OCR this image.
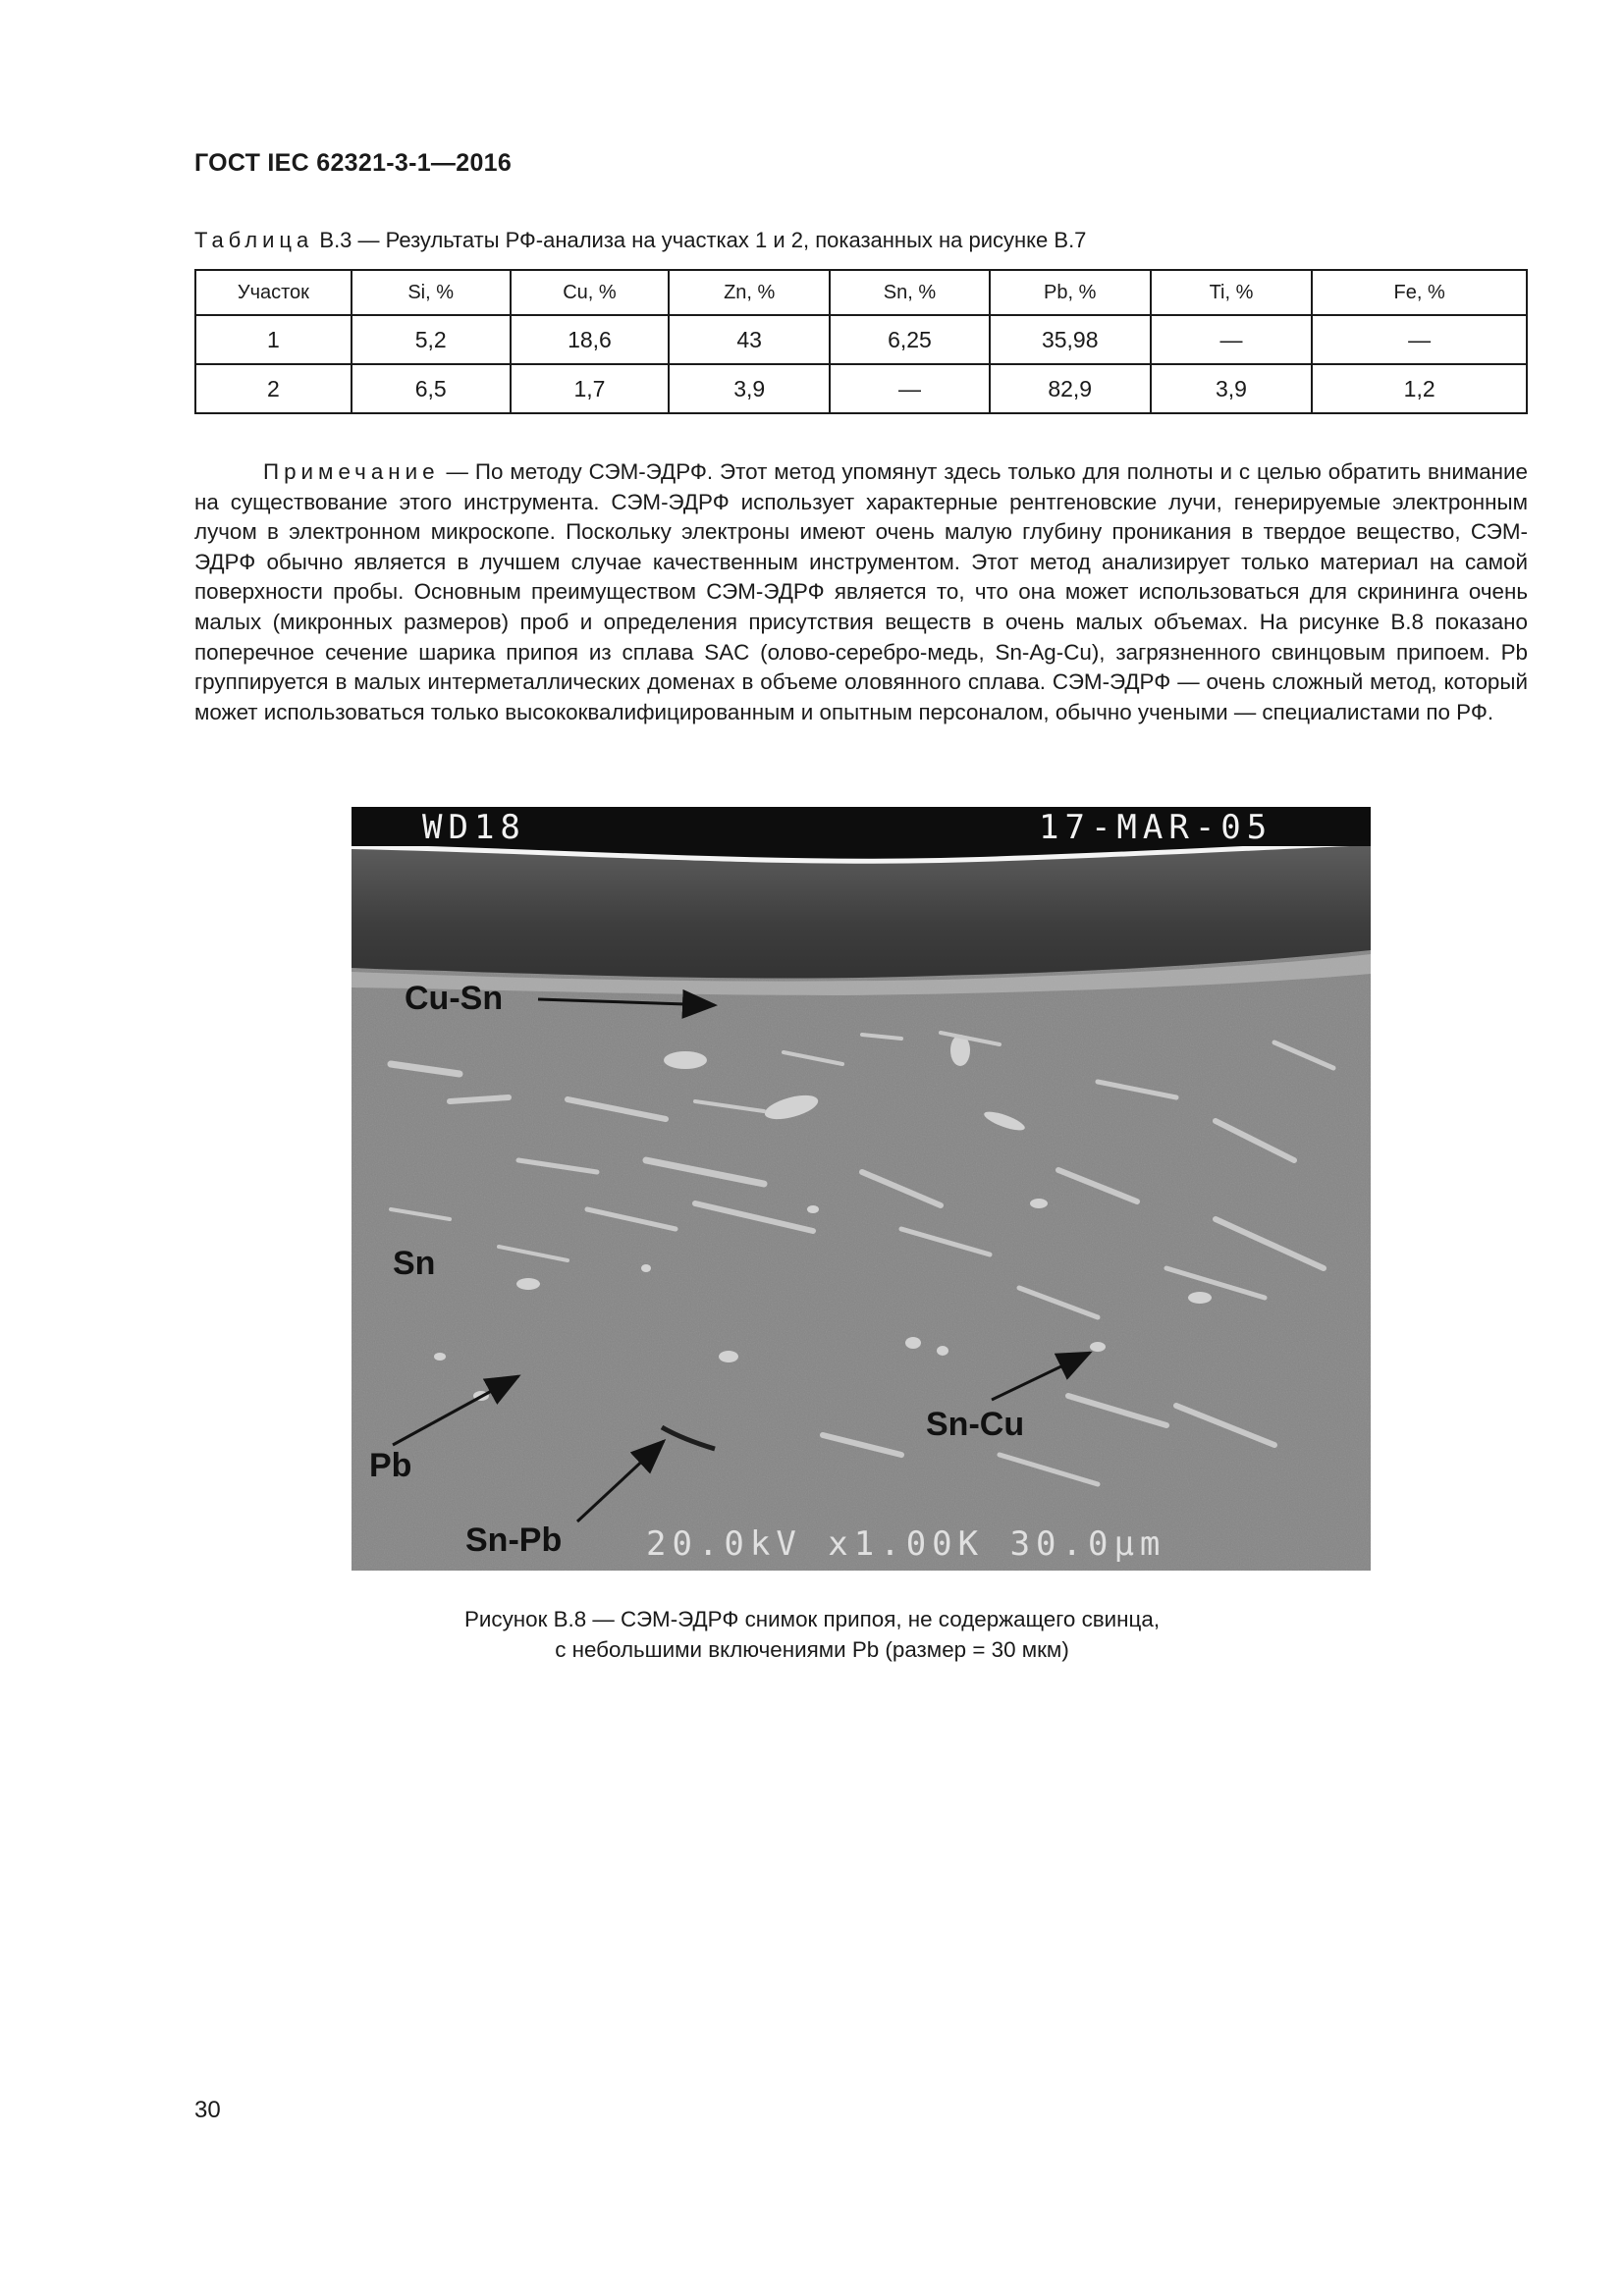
ГОСТ IEC 62321-3-1—2016
Таблица B.3 — Результаты РФ-анализа на участках 1 и 2, показанных на рисунке B.7
Участок	Si, %	Cu, %	Zn, %	Sn, %	Pb, %	Ti, %	Fe, %
1	5,2	18,6	43	6,25	35,98	—	—
2	6,5	1,7	3,9	—	82,9	3,9	1,2

Примечание — По методу СЭМ-ЭДРФ. Этот метод упомянут здесь только для полноты и с целью обратить внимание на существование этого инструмента. СЭМ-ЭДРФ использует характерные рентгеновские лучи, генерируемые электронным лучом в электронном микроскопе. Поскольку электроны имеют очень малую глубину проникания в твердое вещество, СЭМ-ЭДРФ обычно является в лучшем случае качественным инструментом. Этот метод анализирует только материал на самой поверхности пробы. Основным преимуществом СЭМ-ЭДРФ является то, что она может использоваться для скрининга очень малых (микронных размеров) проб и определения присутствия веществ в очень малых объемах. На рисунке B.8 показано поперечное сечение шарика припоя из сплава SAC (олово-серебро-медь, Sn-Ag-Cu), загрязненного свинцовым припоем. Pb группируется в малых интерметаллических доменах в объеме оловянного сплава. СЭМ-ЭДРФ — очень сложный метод, который может использоваться только высококвалифицированным и опытным персоналом, обычно учеными — специалистами по РФ.

WD18	17-MAR-05
20.0kV x1.00K 30.0µm
Cu-Sn
Sn
Pb
Sn-Pb
Sn-Cu
Рисунок B.8 — СЭМ-ЭДРФ снимок припоя, не содержащего свинца,
с небольшими включениями Pb (размер = 30 мкм)
30
